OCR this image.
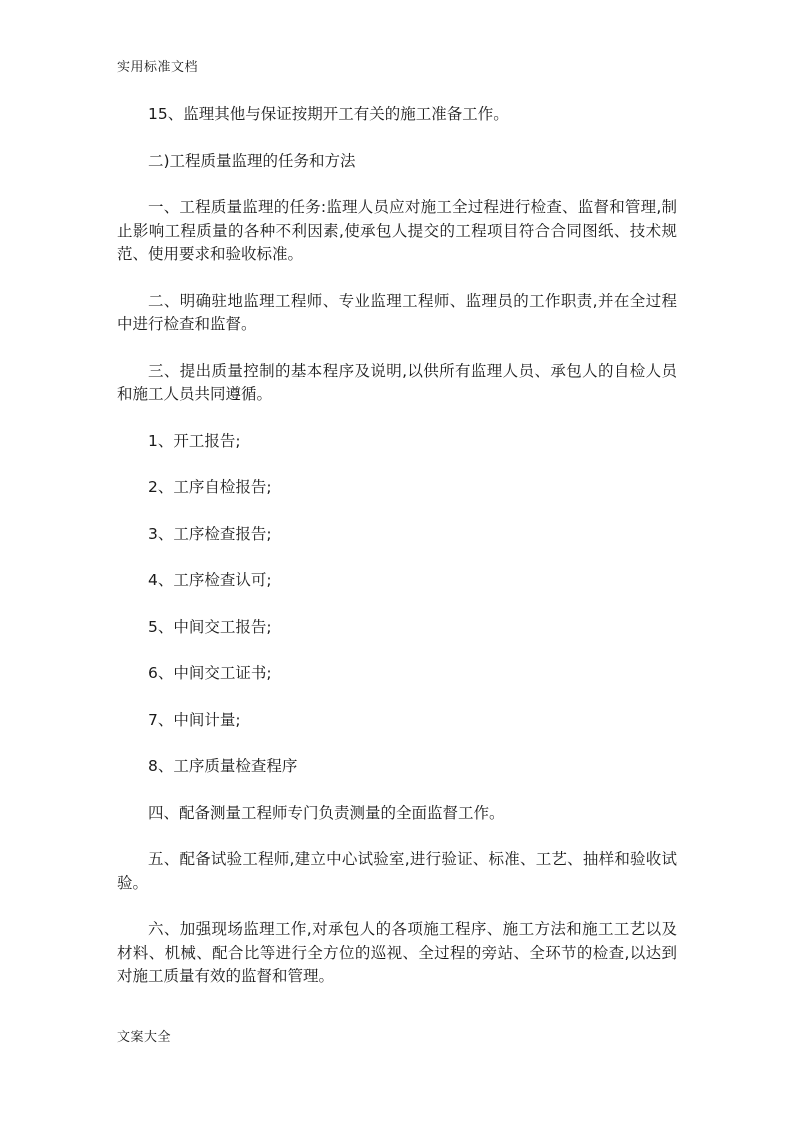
实用标准文档

15、监理其他与保证按期开工有关的施工准备工作。

二)工程质量监理的任务和方法

一、工程质量监理的任务:监理人员应对施工全过程进行检查、监督和管理,制止影响工程质量的各种不利因素,使承包人提交的工程项目符合合同图纸、技术规范、使用要求和验收标准。

二、明确驻地监理工程师、专业监理工程师、监理员的工作职责,并在全过程中进行检查和监督。

三、提出质量控制的基本程序及说明,以供所有监理人员、承包人的自检人员和施工人员共同遵循。

1、开工报告;

2、工序自检报告;

3、工序检查报告;

4、工序检查认可;

5、中间交工报告;

6、中间交工证书;

7、中间计量;

8、工序质量检查程序

四、配备测量工程师专门负责测量的全面监督工作。

五、配备试验工程师,建立中心试验室,进行验证、标准、工艺、抽样和验收试验。

六、加强现场监理工作,对承包人的各项施工程序、施工方法和施工工艺以及材料、机械、配合比等进行全方位的巡视、全过程的旁站、全环节的检查,以达到对施工质量有效的监督和管理。

文案大全
